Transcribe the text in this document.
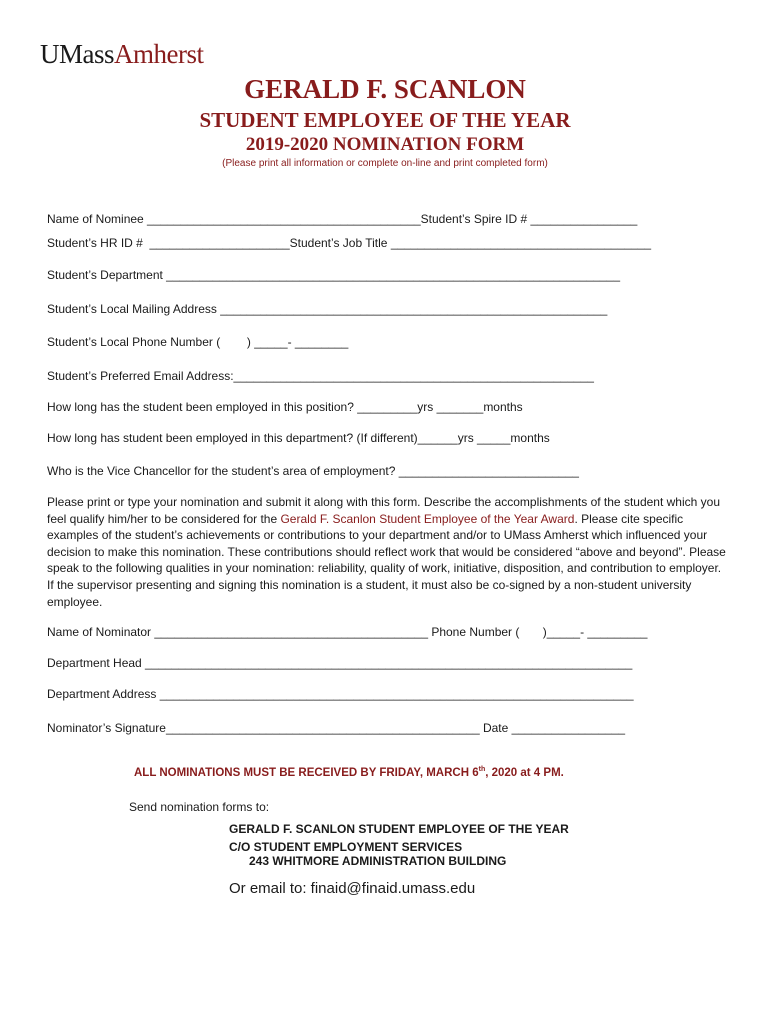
UMassAmherst
GERALD F. SCANLON
STUDENT EMPLOYEE OF THE YEAR
2019-2020 NOMINATION FORM
(Please print all information or complete on-line and print completed form)
Name of Nominee _________________________________________Student’s Spire ID # ________________
Student’s HR ID #  _____________________Student’s Job Title _______________________________________
Student’s Department ____________________________________________________________________
Student’s Local Mailing Address __________________________________________________________
Student’s Local Phone Number (        ) _____- ________
Student’s Preferred Email Address:______________________________________________________
How long has the student been employed in this position? _________yrs _______months
How long has student been employed in this department? (If different)______yrs _____months
Who is the Vice Chancellor for the student’s area of employment? ___________________________
Please print or type your nomination and submit it along with this form. Describe the accomplishments of the student which you feel qualify him/her to be considered for the Gerald F. Scanlon Student Employee of the Year Award. Please cite specific examples of the student’s achievements or contributions to your department and/or to UMass Amherst which influenced your decision to make this nomination. These contributions should reflect work that would be considered “above and beyond”. Please speak to the following qualities in your nomination: reliability, quality of work, initiative, disposition, and contribution to employer. If the supervisor presenting and signing this nomination is a student, it must also be co-signed by a non-student university employee.
Name of Nominator _________________________________________ Phone Number (       )_____- _________
Department Head _________________________________________________________________________
Department Address _______________________________________________________________________
Nominator’s Signature_______________________________________________ Date _________________
ALL NOMINATIONS MUST BE RECEIVED BY FRIDAY, MARCH 6th, 2020 at 4 PM.
Send nomination forms to:
GERALD F. SCANLON STUDENT EMPLOYEE OF THE YEAR
C/O STUDENT EMPLOYMENT SERVICES
243 WHITMORE ADMINISTRATION BUILDING
Or email to: finaid@finaid.umass.edu
